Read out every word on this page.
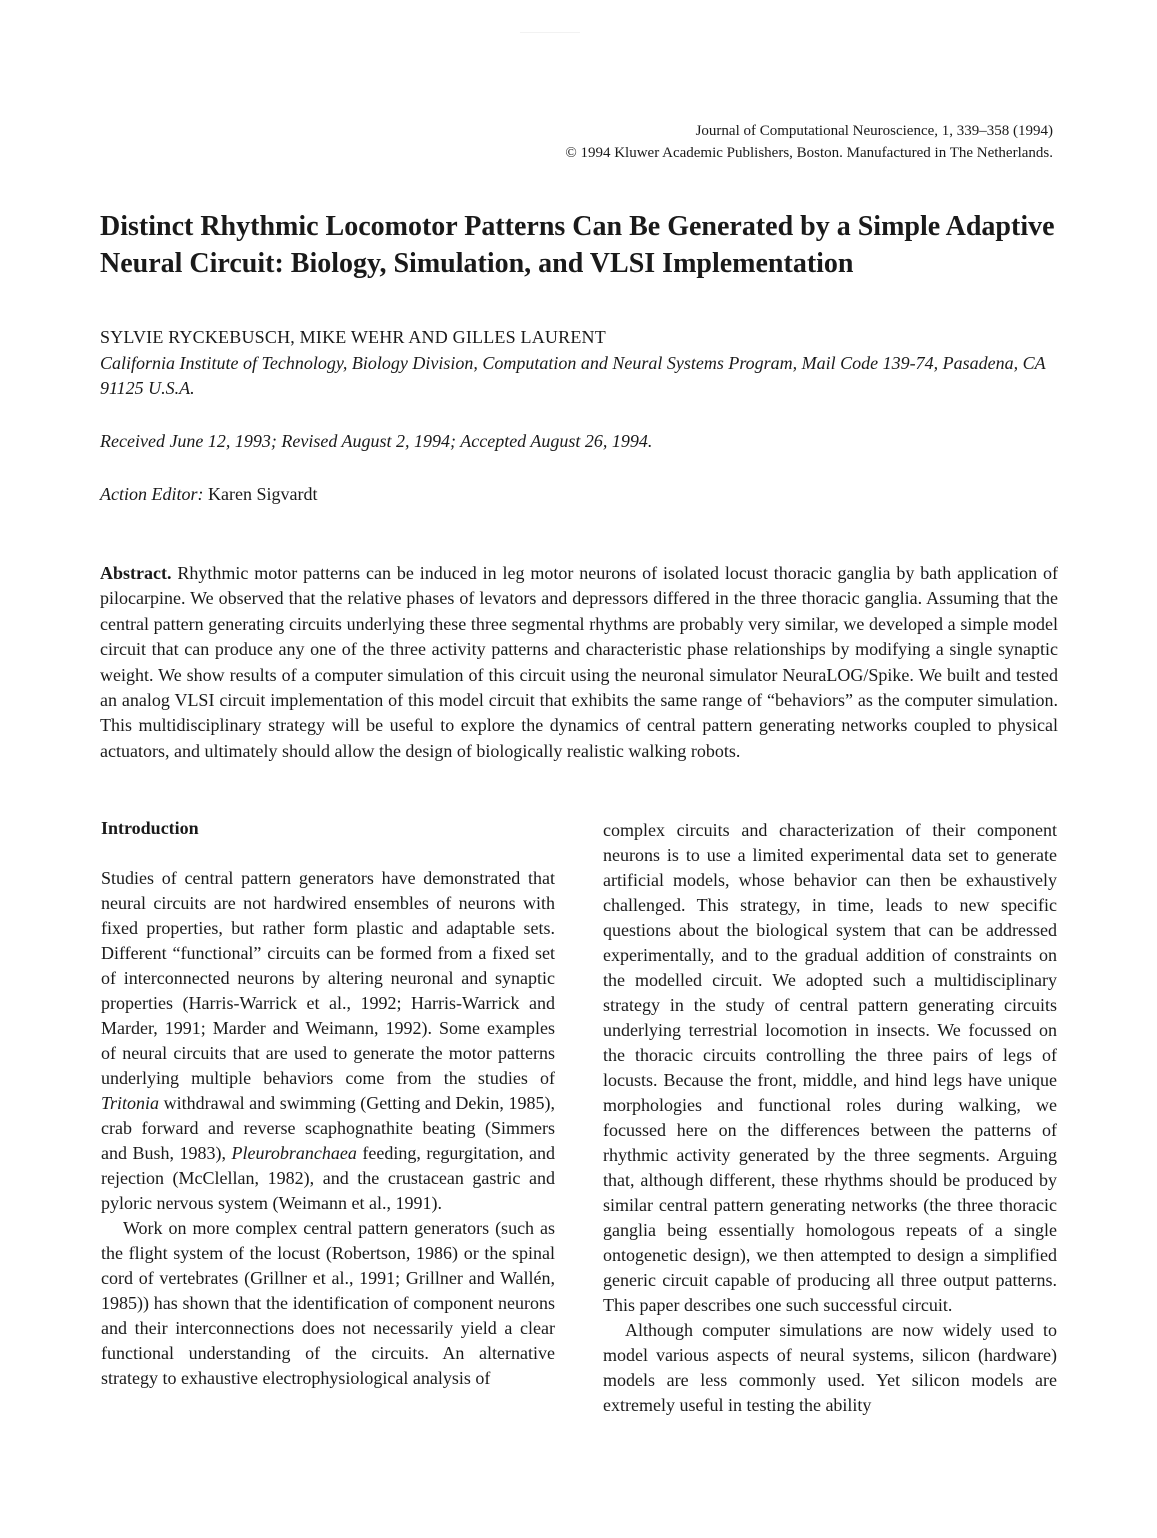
Journal of Computational Neuroscience, 1, 339–358 (1994)
© 1994 Kluwer Academic Publishers, Boston. Manufactured in The Netherlands.
Distinct Rhythmic Locomotor Patterns Can Be Generated by a Simple Adaptive Neural Circuit: Biology, Simulation, and VLSI Implementation
SYLVIE RYCKEBUSCH, MIKE WEHR AND GILLES LAURENT
California Institute of Technology, Biology Division, Computation and Neural Systems Program, Mail Code 139-74, Pasadena, CA 91125 U.S.A.
Received June 12, 1993; Revised August 2, 1994; Accepted August 26, 1994.
Action Editor: Karen Sigvardt

Abstract. Rhythmic motor patterns can be induced in leg motor neurons of isolated locust thoracic ganglia by bath application of pilocarpine. We observed that the relative phases of levators and depressors differed in the three thoracic ganglia. Assuming that the central pattern generating circuits underlying these three segmental rhythms are probably very similar, we developed a simple model circuit that can produce any one of the three activity patterns and characteristic phase relationships by modifying a single synaptic weight. We show results of a computer simulation of this circuit using the neuronal simulator NeuraLOG/Spike. We built and tested an analog VLSI circuit implementation of this model circuit that exhibits the same range of “behaviors” as the computer simulation. This multidisciplinary strategy will be useful to explore the dynamics of central pattern generating networks coupled to physical actuators, and ultimately should allow the design of biologically realistic walking robots.

Introduction

Studies of central pattern generators have demonstrated that neural circuits are not hardwired ensembles of neurons with fixed properties, but rather form plastic and adaptable sets. Different “functional” circuits can be formed from a fixed set of interconnected neurons by altering neuronal and synaptic properties (Harris-Warrick et al., 1992; Harris-Warrick and Marder, 1991; Marder and Weimann, 1992). Some examples of neural circuits that are used to generate the motor patterns underlying multiple behaviors come from the studies of Tritonia withdrawal and swimming (Getting and Dekin, 1985), crab forward and reverse scaphognathite beating (Simmers and Bush, 1983), Pleurobranchaea feeding, regurgitation, and rejection (McClellan, 1982), and the crustacean gastric and pyloric nervous system (Weimann et al., 1991).

Work on more complex central pattern generators (such as the flight system of the locust (Robertson, 1986) or the spinal cord of vertebrates (Grillner et al., 1991; Grillner and Wallén, 1985)) has shown that the identification of component neurons and their interconnections does not necessarily yield a clear functional understanding of the circuits. An alternative strategy to exhaustive electrophysiological analysis of

complex circuits and characterization of their component neurons is to use a limited experimental data set to generate artificial models, whose behavior can then be exhaustively challenged. This strategy, in time, leads to new specific questions about the biological system that can be addressed experimentally, and to the gradual addition of constraints on the modelled circuit. We adopted such a multidisciplinary strategy in the study of central pattern generating circuits underlying terrestrial locomotion in insects. We focussed on the thoracic circuits controlling the three pairs of legs of locusts. Because the front, middle, and hind legs have unique morphologies and functional roles during walking, we focussed here on the differences between the patterns of rhythmic activity generated by the three segments. Arguing that, although different, these rhythms should be produced by similar central pattern generating networks (the three thoracic ganglia being essentially homologous repeats of a single ontogenetic design), we then attempted to design a simplified generic circuit capable of producing all three output patterns. This paper describes one such successful circuit.

Although computer simulations are now widely used to model various aspects of neural systems, silicon (hardware) models are less commonly used. Yet silicon models are extremely useful in testing the ability
